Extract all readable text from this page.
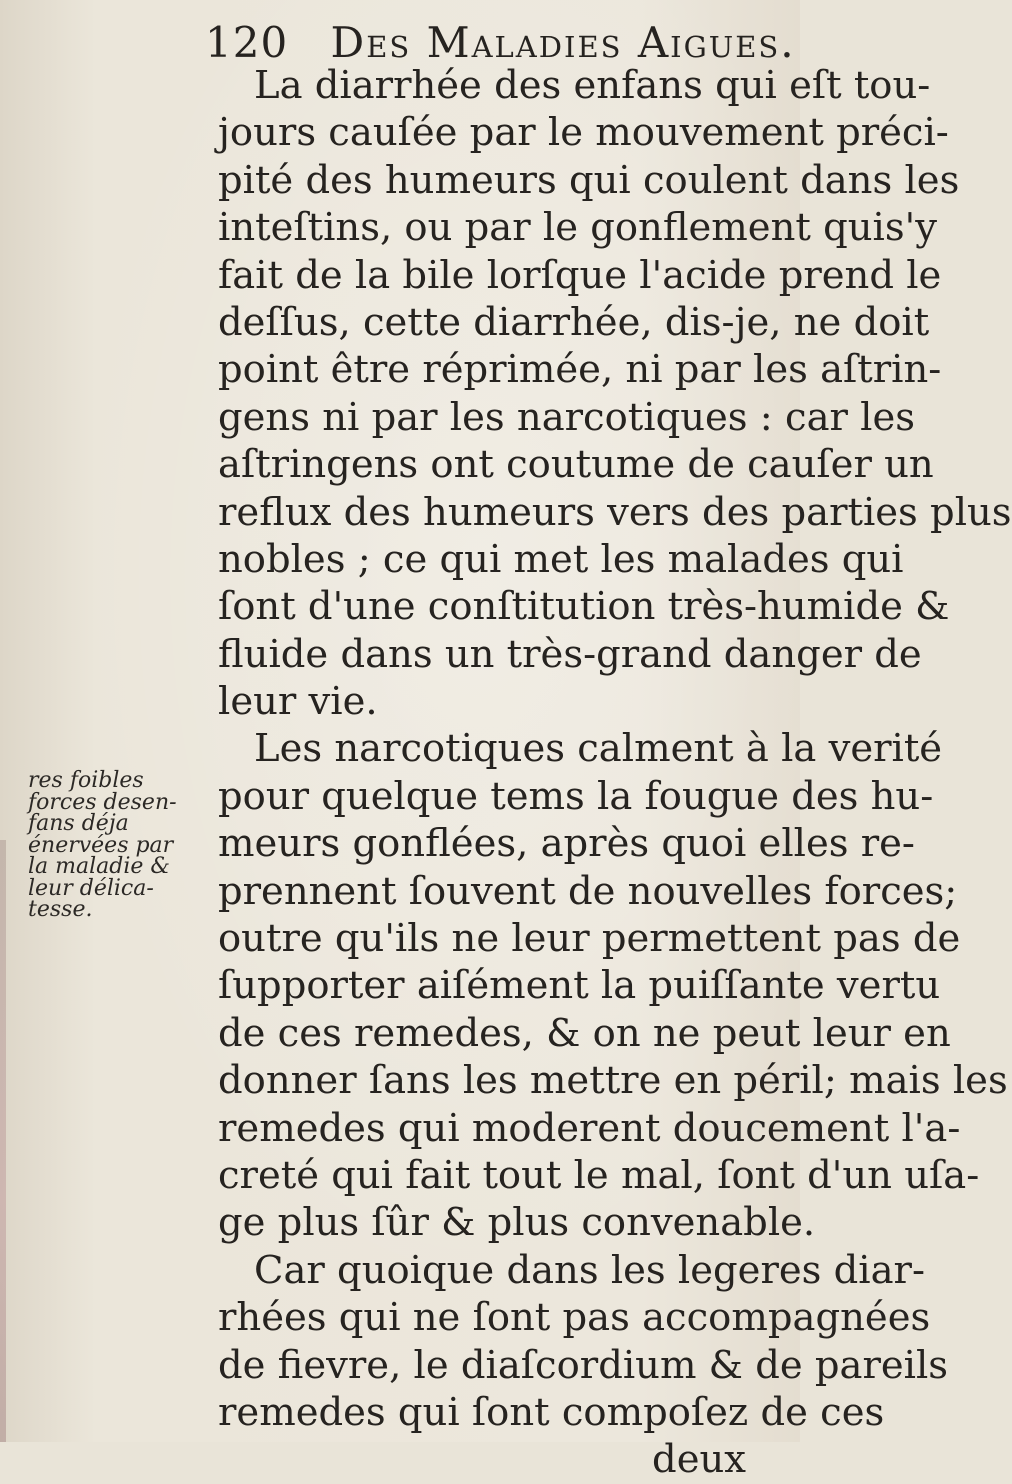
120 Des Maladies Aigues.
res foibles
forces desen-
fans déja
énervées par
la maladie &
leur délica-
tesse.
La diarrhée des enfans qui eſt tou-
jours cauſée par le mouvement préci-
pité des humeurs qui coulent dans les
inteſtins, ou par le gonflement quis'y
fait de la bile lorſque l'acide prend le
deſſus, cette diarrhée, dis-je, ne doit
point être réprimée, ni par les aſtrin-
gens ni par les narcotiques : car les
aſtringens ont coutume de cauſer un
reflux des humeurs vers des parties plus
nobles ; ce qui met les malades qui
ſont d'une conſtitution très-humide &
fluide dans un très-grand danger de
leur vie.
Les narcotiques calment à la verité
pour quelque tems la fougue des hu-
meurs gonflées, après quoi elles re-
prennent ſouvent de nouvelles forces;
outre qu'ils ne leur permettent pas de
ſupporter aiſément la puiſſante vertu
de ces remedes, & on ne peut leur en
donner ſans les mettre en péril; mais les
remedes qui moderent doucement l'a-
creté qui fait tout le mal, ſont d'un uſa-
ge plus ſûr & plus convenable.
Car quoique dans les legeres diar-
rhées qui ne ſont pas accompagnées
de fievre, le diaſcordium & de pareils
remedes qui ſont compoſez de ces
deux
